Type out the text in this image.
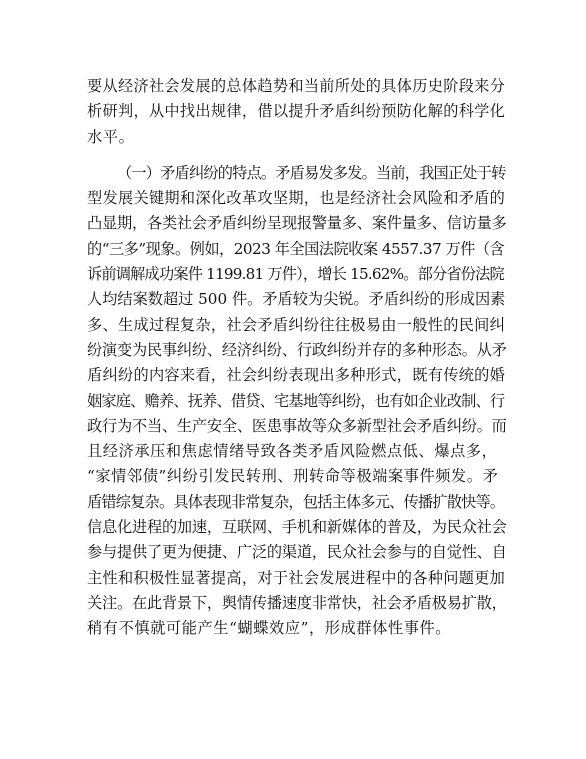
要从经济社会发展的总体趋势和当前所处的具体历史阶段来分
析研判，从中找出规律，借以提升矛盾纠纷预防化解的科学化
水平。
（一）矛盾纠纷的特点。矛盾易发多发。当前，我国正处于转
型发展关键期和深化改革攻坚期，也是经济社会风险和矛盾的
凸显期，各类社会矛盾纠纷呈现报警量多、案件量多、信访量多
的“三多”现象。例如，2023 年全国法院收案 4557.37 万件（含
诉前调解成功案件 1199.81 万件），增长 15.62%。部分省份法院
人均结案数超过 500 件。矛盾较为尖锐。矛盾纠纷的形成因素
多、生成过程复杂，社会矛盾纠纷往往极易由一般性的民间纠
纷演变为民事纠纷、经济纠纷、行政纠纷并存的多种形态。从矛
盾纠纷的内容来看，社会纠纷表现出多种形式，既有传统的婚
姻家庭、赡养、抚养、借贷、宅基地等纠纷，也有如企业改制、行
政行为不当、生产安全、医患事故等众多新型社会矛盾纠纷。而
且经济承压和焦虑情绪导致各类矛盾风险燃点低、爆点多，
“家情邻债”纠纷引发民转刑、刑转命等极端案事件频发。矛
盾错综复杂。具体表现非常复杂，包括主体多元、传播扩散快等。
信息化进程的加速，互联网、手机和新媒体的普及，为民众社会
参与提供了更为便捷、广泛的渠道，民众社会参与的自觉性、自
主性和积极性显著提高，对于社会发展进程中的各种问题更加
关注。在此背景下，舆情传播速度非常快，社会矛盾极易扩散，
稍有不慎就可能产生“蝴蝶效应”，形成群体性事件。
